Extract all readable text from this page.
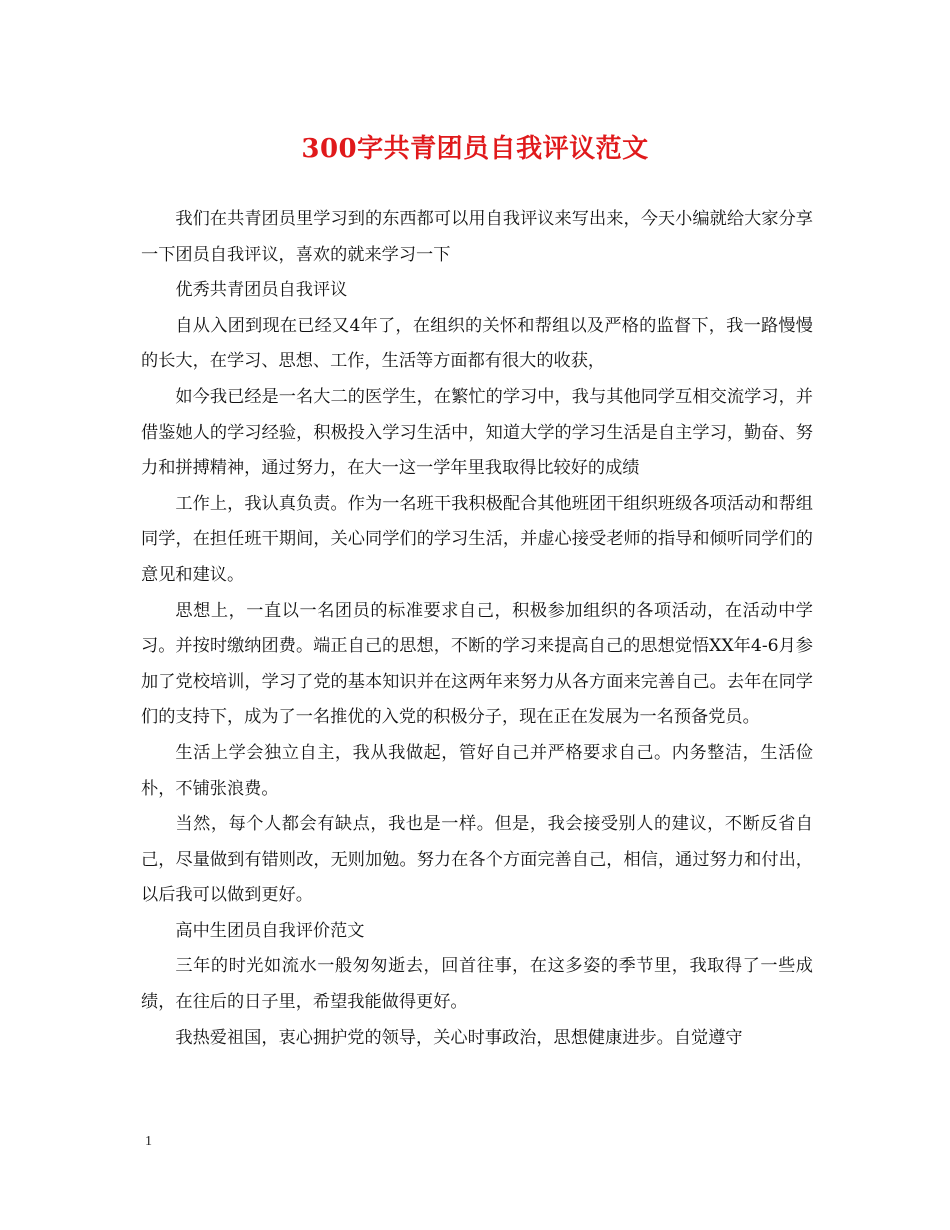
300字共青团员自我评议范文

我们在共青团员里学习到的东西都可以用自我评议来写出来，今天小编就给大家分享一下团员自我评议，喜欢的就来学习一下

优秀共青团员自我评议

自从入团到现在已经又4年了，在组织的关怀和帮组以及严格的监督下，我一路慢慢的长大，在学习、思想、工作，生活等方面都有很大的收获，

如今我已经是一名大二的医学生，在繁忙的学习中，我与其他同学互相交流学习，并借鉴她人的学习经验，积极投入学习生活中，知道大学的学习生活是自主学习，勤奋、努力和拼搏精神，通过努力，在大一这一学年里我取得比较好的成绩

工作上，我认真负责。作为一名班干我积极配合其他班团干组织班级各项活动和帮组同学，在担任班干期间，关心同学们的学习生活，并虚心接受老师的指导和倾听同学们的意见和建议。

思想上，一直以一名团员的标准要求自己，积极参加组织的各项活动，在活动中学习。并按时缴纳团费。端正自己的思想，不断的学习来提高自己的思想觉悟XX年4-6月参加了党校培训，学习了党的基本知识并在这两年来努力从各方面来完善自己。去年在同学们的支持下，成为了一名推优的入党的积极分子，现在正在发展为一名预备党员。

生活上学会独立自主，我从我做起，管好自己并严格要求自己。内务整洁，生活俭朴，不铺张浪费。

当然，每个人都会有缺点，我也是一样。但是，我会接受别人的建议，不断反省自己，尽量做到有错则改，无则加勉。努力在各个方面完善自己，相信，通过努力和付出，以后我可以做到更好。

高中生团员自我评价范文

三年的时光如流水一般匆匆逝去，回首往事，在这多姿的季节里，我取得了一些成绩，在往后的日子里，希望我能做得更好。

我热爱祖国，衷心拥护党的领导，关心时事政治，思想健康进步。自觉遵守

1
